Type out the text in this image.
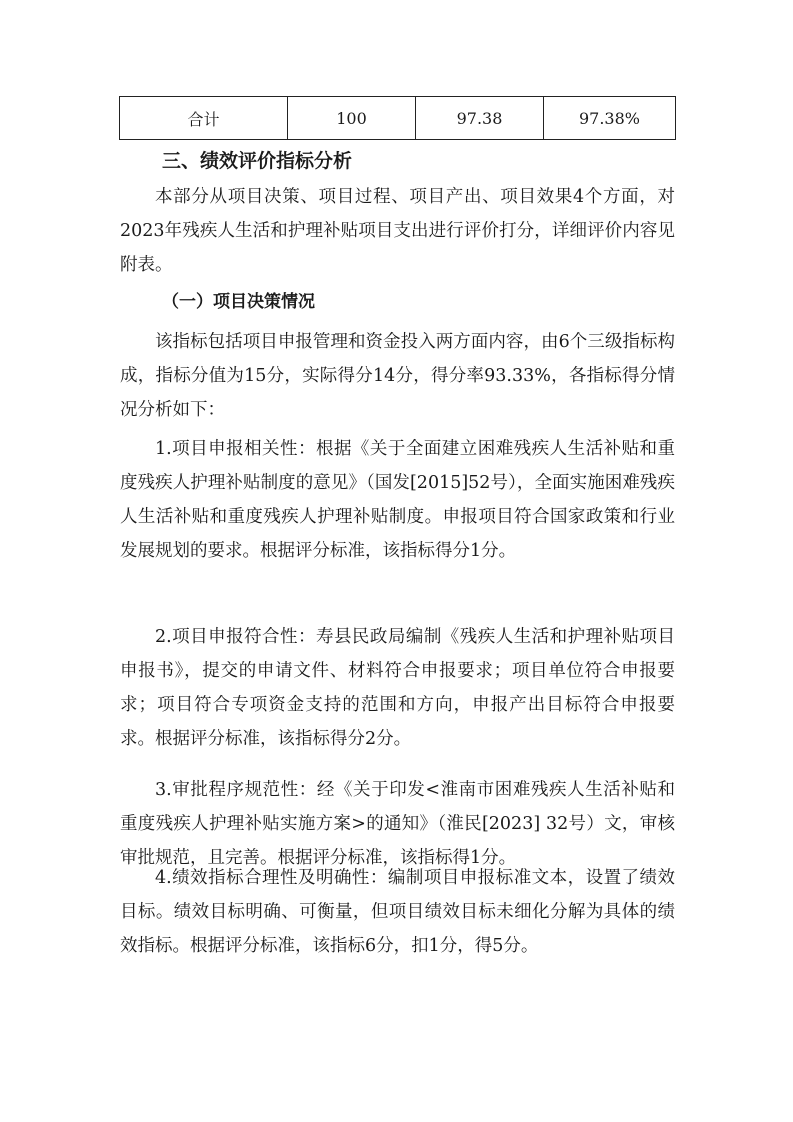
合计	100	97.38	97.38%
三、绩效评价指标分析

本部分从项目决策、项目过程、项目产出、项目效果4个方面，对2023年残疾人生活和护理补贴项目支出进行评价打分，详细评价内容见附表。

（一）项目决策情况

该指标包括项目申报管理和资金投入两方面内容，由6个三级指标构成，指标分值为15分，实际得分14分，得分率93.33%，各指标得分情况分析如下：

1.项目申报相关性：根据《关于全面建立困难残疾人生活补贴和重度残疾人护理补贴制度的意见》（国发[2015]52号），全面实施困难残疾人生活补贴和重度残疾人护理补贴制度。申报项目符合国家政策和行业发展规划的要求。根据评分标准，该指标得分1分。

2.项目申报符合性：寿县民政局编制《残疾人生活和护理补贴项目申报书》，提交的申请文件、材料符合申报要求；项目单位符合申报要求；项目符合专项资金支持的范围和方向，申报产出目标符合申报要求。根据评分标准，该指标得分2分。

3.审批程序规范性：经《关于印发<淮南市困难残疾人生活补贴和重度残疾人护理补贴实施方案>的通知》（淮民[2023] 32号）文，审核审批规范，且完善。根据评分标准，该指标得1分。

4.绩效指标合理性及明确性：编制项目申报标准文本，设置了绩效目标。绩效目标明确、可衡量，但项目绩效目标未细化分解为具体的绩效指标。根据评分标准，该指标6分，扣1分，得5分。
